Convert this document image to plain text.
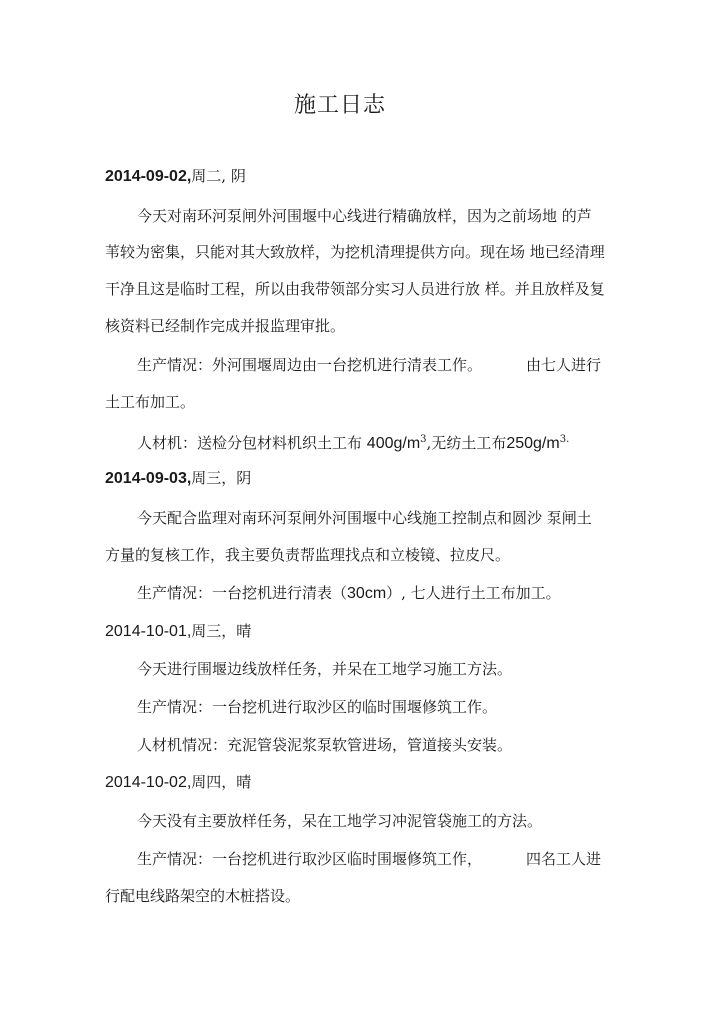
施工日志
2014-09-02,周二, 阴
今天对南环河泵闸外河围堰中心线进行精确放样，因为之前场地 的芦
苇较为密集，只能对其大致放样，为挖机清理提供方向。现在场 地已经清理
干净且这是临时工程，所以由我带领部分实习人员进行放 样。并且放样及复
核资料已经制作完成并报监理审批。
生产情况：外河围堰周边由一台挖机进行清表工作。	由七人进行
土工布加工。
人材机：送检分包材料机织土工布 $400g/m^3$,无纺土工布$250g/m^{3.}$
2014-09-03,周三，阴
今天配合监理对南环河泵闸外河围堰中心线施工控制点和圆沙 泵闸土
方量的复核工作，我主要负责帮监理找点和立棱镜、拉皮尺。
生产情况：一台挖机进行清表（30cm）, 七人进行土工布加工。
2014-10-01,周三，晴
今天进行围堰边线放样任务，并呆在工地学习施工方法。
生产情况：一台挖机进行取沙区的临时围堰修筑工作。
人材机情况：充泥管袋泥浆泵软管进场，管道接头安装。
2014-10-02,周四，晴
今天没有主要放样任务，呆在工地学习冲泥管袋施工的方法。
生产情况：一台挖机进行取沙区临时围堰修筑工作，	四名工人进
行配电线路架空的木桩搭设。
